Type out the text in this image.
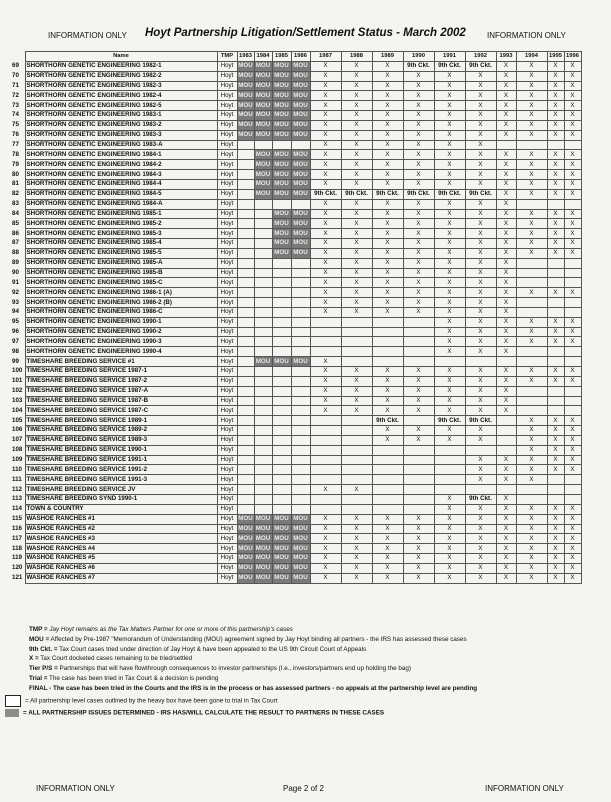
INFORMATION ONLY Hoyt Partnership Litigation/Settlement Status - March 2002	INFORMATION ONLY
	Name	TMP	1983	1984	1985	1986	1987	1988	1989	1990	1991	1992	1993	1994	1995	1996
69	SHORTHORN GENETIC ENGINEERING 1982-1	Hoyt	MOU	MOU	MOU	MOU	X	X	X	9th Ckt.	9th Ckt.	9th Ckt.	X	X	X	X
70	SHORTHORN GENETIC ENGINEERING 1982-2	Hoyt	MOU	MOU	MOU	MOU	X	X	X	X	X	X	X	X	X	X
71	SHORTHORN GENETIC ENGINEERING 1982-3	Hoyt	MOU	MOU	MOU	MOU	X	X	X	X	X	X	X	X	X	X
72	SHORTHORN GENETIC ENGINEERING 1982-4	Hoyt	MOU	MOU	MOU	MOU	X	X	X	X	X	X	X	X	X	X
73	SHORTHORN GENETIC ENGINEERING 1982-5	Hoyt	MOU	MOU	MOU	MOU	X	X	X	X	X	X	X	X	X	X
74	SHORTHORN GENETIC ENGINEERING 1983-1	Hoyt	MOU	MOU	MOU	MOU	X	X	X	X	X	X	X	X	X	X
75	SHORTHORN GENETIC ENGINEERING 1983-2	Hoyt	MOU	MOU	MOU	MOU	X	X	X	X	X	X	X	X	X	X
76	SHORTHORN GENETIC ENGINEERING 1983-3	Hoyt	MOU	MOU	MOU	MOU	X	X	X	X	X	X	X	X	X	X
77	SHORTHORN GENETIC ENGINEERING 1983-A	Hoyt					X	X	X	X	X	X				
78	SHORTHORN GENETIC ENGINEERING 1984-1	Hoyt		MOU	MOU	MOU	X	X	X	X	X	X	X	X	X	X
79	SHORTHORN GENETIC ENGINEERING 1984-2	Hoyt		MOU	MOU	MOU	X	X	X	X	X	X	X	X	X	X
80	SHORTHORN GENETIC ENGINEERING 1984-3	Hoyt		MOU	MOU	MOU	X	X	X	X	X	X	X	X	X	X
81	SHORTHORN GENETIC ENGINEERING 1984-4	Hoyt		MOU	MOU	MOU	X	X	X	X	X	X	X	X	X	X
82	SHORTHORN GENETIC ENGINEERING 1984-5	Hoyt		MOU	MOU	MOU	9th Ckt.	9th Ckt.	9th Ckt.	9th Ckt.	9th Ckt.	9th Ckt.	X	X	X	X
83	SHORTHORN GENETIC ENGINEERING 1984-A	Hoyt					X	X	X	X	X	X	X			
84	SHORTHORN GENETIC ENGINEERING 1985-1	Hoyt			MOU	MOU	X	X	X	X	X	X	X	X	X	X
85	SHORTHORN GENETIC ENGINEERING 1985-2	Hoyt			MOU	MOU	X	X	X	X	X	X	X	X	X	X
86	SHORTHORN GENETIC ENGINEERING 1985-3	Hoyt			MOU	MOU	X	X	X	X	X	X	X	X	X	X
87	SHORTHORN GENETIC ENGINEERING 1985-4	Hoyt			MOU	MOU	X	X	X	X	X	X	X	X	X	X
88	SHORTHORN GENETIC ENGINEERING 1985-5	Hoyt			MOU	MOU	X	X	X	X	X	X	X	X	X	X
89	SHORTHORN GENETIC ENGINEERING 1985-A	Hoyt					X	X	X	X	X	X	X			
90	SHORTHORN GENETIC ENGINEERING 1985-B	Hoyt					X	X	X	X	X	X	X			
91	SHORTHORN GENETIC ENGINEERING 1985-C	Hoyt					X	X	X	X	X	X	X			
92	SHORTHORN GENETIC ENGINEERING 1986-1 (A)	Hoyt					X	X	X	X	X	X	X	X	X	X
93	SHORTHORN GENETIC ENGINEERING 1986-2 (B)	Hoyt					X	X	X	X	X	X	X			
94	SHORTHORN GENETIC ENGINEERING 1986-C	Hoyt					X	X	X	X	X	X	X			
95	SHORTHORN GENETIC ENGINEERING 1990-1	Hoyt									X	X	X	X	X	X
96	SHORTHORN GENETIC ENGINEERING 1990-2	Hoyt									X	X	X	X	X	X
97	SHORTHORN GENETIC ENGINEERING 1990-3	Hoyt									X	X	X	X	X	X
98	SHORTHORN GENETIC ENGINEERING 1990-4	Hoyt									X	X	X			
99	TIMESHARE BREEDING SERVICE #1	Hoyt		MOU	MOU	MOU	X									
100	TIMESHARE BREEDING SERVICE 1987-1	Hoyt					X	X	X	X	X	X	X	X	X	X
101	TIMESHARE BREEDING SERVICE 1987-2	Hoyt					X	X	X	X	X	X	X	X	X	X
102	TIMESHARE BREEDING SERVICE 1987-A	Hoyt					X	X	X	X	X	X	X			
103	TIMESHARE BREEDING SERVICE 1987-B	Hoyt					X	X	X	X	X	X	X			
104	TIMESHARE BREEDING SERVICE 1987-C	Hoyt					X	X	X	X	X	X	X			
105	TIMESHARE BREEDING SERVICE 1989-1	Hoyt							9th Ckt.		9th Ckt.	9th Ckt.		X	X	X
106	TIMESHARE BREEDING SERVICE 1989-2	Hoyt							X	X	X	X		X	X	X
107	TIMESHARE BREEDING SERVICE 1989-3	Hoyt							X	X	X	X		X	X	X
108	TIMESHARE BREEDING SERVICE 1990-1	Hoyt												X	X	X
109	TIMESHARE BREEDING SERVICE 1991-1	Hoyt										X	X	X	X	X
110	TIMESHARE BREEDING SERVICE 1991-2	Hoyt										X	X	X	X	X
111	TIMESHARE BREEDING SERVICE 1991-3	Hoyt										X	X	X		
112	TIMESHARE BREEDING SERVICE JV	Hoyt					X	X								
113	TIMESHARE BREEDING SYND 1990-1	Hoyt									X	9th Ckt.	X			
114	TOWN & COUNTRY	Hoyt									X	X	X	X	X	X
115	WASHOE RANCHES #1	Hoyt	MOU	MOU	MOU	MOU	X	X	X	X	X	X	X	X	X	X
116	WASHOE RANCHES #2	Hoyt	MOU	MOU	MOU	MOU	X	X	X	X	X	X	X	X	X	X
117	WASHOE RANCHES #3	Hoyt	MOU	MOU	MOU	MOU	X	X	X	X	X	X	X	X	X	X
118	WASHOE RANCHES #4	Hoyt	MOU	MOU	MOU	MOU	X	X	X	X	X	X	X	X	X	X
119	WASHOE RANCHES #5	Hoyt	MOU	MOU	MOU	MOU	X	X	X	X	X	X	X	X	X	X
120	WASHOE RANCHES #6	Hoyt	MOU	MOU	MOU	MOU	X	X	X	X	X	X	X	X	X	X
121	WASHOE RANCHES #7	Hoyt	MOU	MOU	MOU	MOU	X	X	X	X	X	X	X	X	X	X
TMP = Jay Hoyt remains as the Tax Matters Partner for one or more of this partnership's cases
MOU = Affected by Pre-1987 "Memorandum of Understanding (MOU) agreement signed by Jay Hoyt binding all partners - the IRS has assessed these cases
9th Ckt. = Tax Court cases tried under direction of Jay Hoyt & have been appealed to the US 9th Circuit Court of Appeals
X = Tax Court docketed cases remaining to be tried/settled
Tier P/S = Partnerships that will have flowthrough consequences to investor partnerships (I.e., investors/partners end up holding the bag)
Trial = The case has been tried in Tax Court & a decision is pending
FINAL - The case has been tried in the Courts and the IRS is in the process or has assessed partners - no appeals at the partnership level are pending
= All partnership level cases outlined by the heavy box have been gone to trial in Tax Court
= ALL PARTNERSHIP ISSUES DETERMINED - IRS HAS/WILL CALCULATE THE RESULT TO PARTNERS IN THESE CASES
INFORMATION ONLY	Page 2 of 2	INFORMATION ONLY
